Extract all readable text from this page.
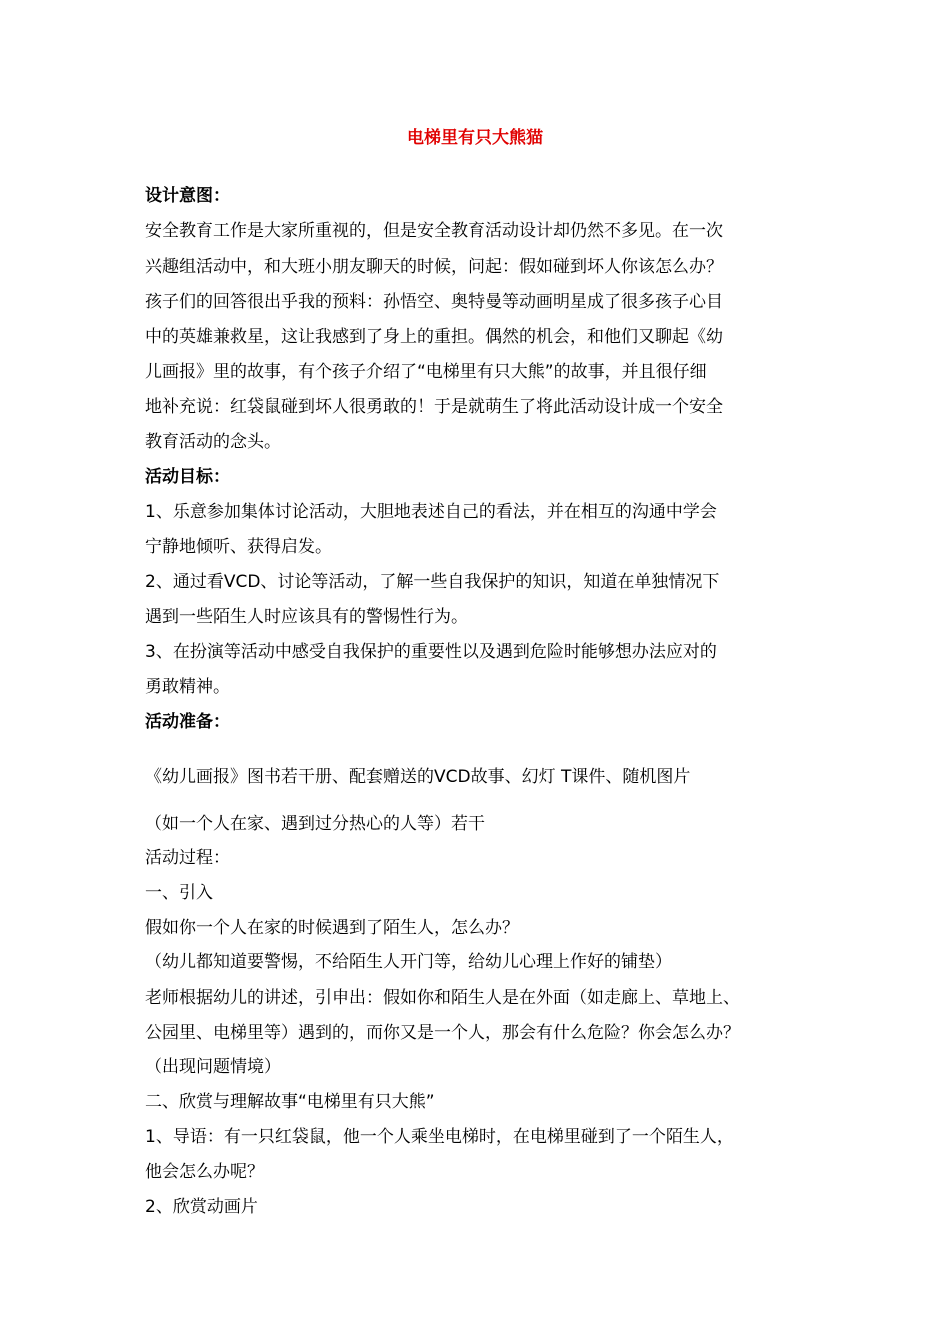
电梯里有只大熊猫
设计意图：
安全教育工作是大家所重视的，但是安全教育活动设计却仍然不多见。在一次
兴趣组活动中，和大班小朋友聊天的时候，问起：假如碰到坏人你该怎么办？
孩子们的回答很出乎我的预料：孙悟空、奥特曼等动画明星成了很多孩子心目
中的英雄兼救星，这让我感到了身上的重担。偶然的机会，和他们又聊起《幼
儿画报》里的故事，有个孩子介绍了“电梯里有只大熊”的故事，并且很仔细
地补充说：红袋鼠碰到坏人很勇敢的！于是就萌生了将此活动设计成一个安全
教育活动的念头。
活动目标：
1、乐意参加集体讨论活动，大胆地表述自己的看法，并在相互的沟通中学会
宁静地倾听、获得启发。
2、通过看VCD、讨论等活动，了解一些自我保护的知识，知道在单独情况下
遇到一些陌生人时应该具有的警惕性行为。
3、在扮演等活动中感受自我保护的重要性以及遇到危险时能够想办法应对的
勇敢精神。
活动准备：
《幼儿画报》图书若干册、配套赠送的VCD故事、幻灯 T课件、随机图片
（如一个人在家、遇到过分热心的人等）若干
活动过程：
一、引入
假如你一个人在家的时候遇到了陌生人，怎么办？
（幼儿都知道要警惕，不给陌生人开门等，给幼儿心理上作好的铺垫）
老师根据幼儿的讲述，引申出：假如你和陌生人是在外面（如走廊上、草地上、
公园里、电梯里等）遇到的，而你又是一个人，那会有什么危险？你会怎么办？
（出现问题情境）
二、欣赏与理解故事“电梯里有只大熊”
1、导语：有一只红袋鼠，他一个人乘坐电梯时，在电梯里碰到了一个陌生人，
他会怎么办呢？
2、欣赏动画片
